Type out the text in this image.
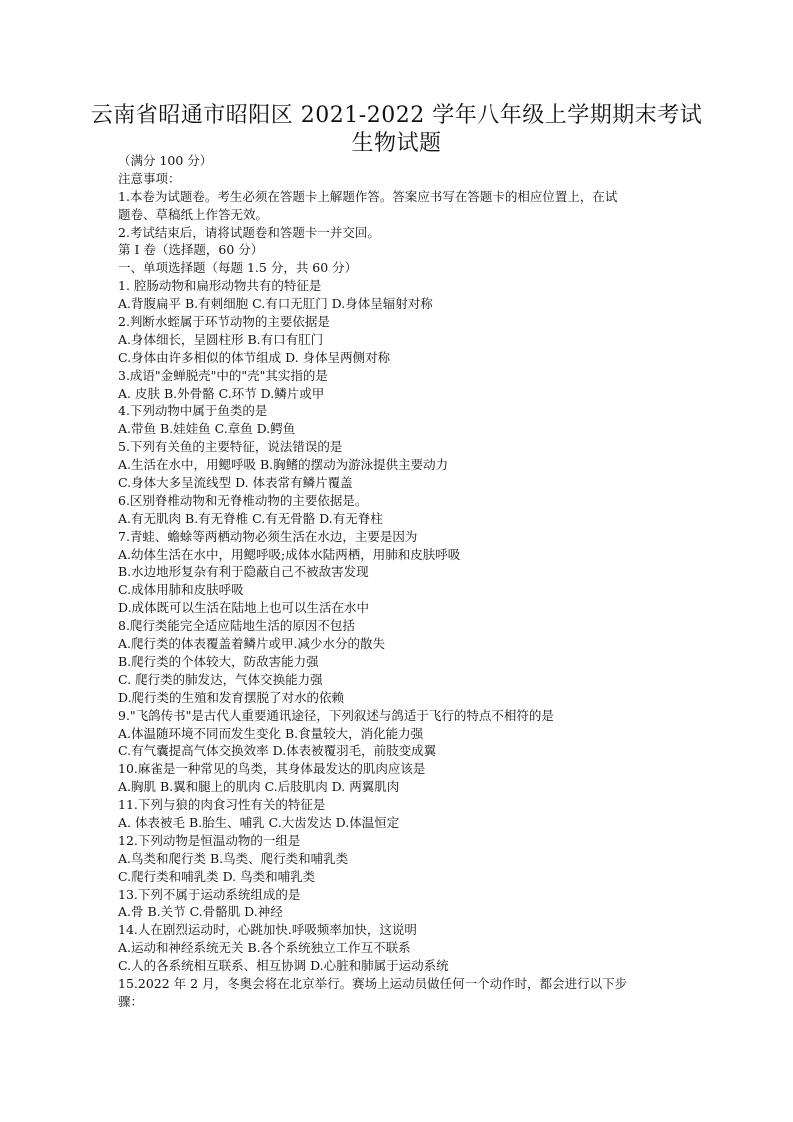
云南省昭通市昭阳区 2021-2022 学年八年级上学期期末考试
生物试题
（满分 100 分）
注意事项：
1.本卷为试题卷。考生必须在答题卡上解题作答。答案应书写在答题卡的相应位置上，在试
题卷、草稿纸上作答无效。
2.考试结束后，请将试题卷和答题卡一并交回。
第 I 卷（选择题，60 分）
一、单项选择题（每题 1.5 分，共 60 分）
1. 腔肠动物和扁形动物共有的特征是
A.背腹扁平 B.有刺细胞 C.有口无肛门 D.身体呈辐射对称
2.判断水蛭属于环节动物的主要依据是
A.身体细长，呈圆柱形 B.有口有肛门
C.身体由许多相似的体节组成 D. 身体呈两侧对称
3.成语"金蝉脱壳"中的"壳"其实指的是
A. 皮肤 B.外骨骼 C.环节 D.鳞片或甲
4.下列动物中属于鱼类的是
A.带鱼 B.娃娃鱼 C.章鱼 D.鳄鱼
5.下列有关鱼的主要特征，说法错误的是
A.生活在水中，用鳃呼吸 B.胸鳍的摆动为游泳提供主要动力
C.身体大多呈流线型 D. 体表常有鳞片覆盖
6.区别脊椎动物和无脊椎动物的主要依据是。
A.有无肌肉 B.有无脊椎 C.有无骨骼 D.有无脊柱
7.青蛙、蟾蜍等两栖动物必须生活在水边，主要是因为
A.幼体生活在水中，用鳃呼吸;成体水陆两栖，用肺和皮肤呼吸
B.水边地形复杂有利于隐蔽自己不被敌害发现
C.成体用肺和皮肤呼吸
D.成体既可以生活在陆地上也可以生活在水中
8.爬行类能完全适应陆地生活的原因不包括
A.爬行类的体表覆盖着鳞片或甲.减少水分的散失
B.爬行类的个体较大，防敌害能力强
C. 爬行类的肺发达，气体交换能力强
D.爬行类的生殖和发育摆脱了对水的依赖
9."飞鸽传书"是古代人重要通讯途径，下列叙述与鸽适于飞行的特点不相符的是
A.体温随环境不同而发生变化 B.食量较大，消化能力强
C.有气囊提高气体交换效率 D.体表被覆羽毛，前肢变成翼
10.麻雀是一种常见的鸟类，其身体最发达的肌肉应该是
A.胸肌 B.翼和腿上的肌肉 C.后肢肌肉 D. 两翼肌肉
11.下列与狼的肉食习性有关的特征是
A. 体表被毛 B.胎生、哺乳 C.大齿发达 D.体温恒定
12.下列动物是恒温动物的一组是
A.鸟类和爬行类 B.鸟类、爬行类和哺乳类
C.爬行类和哺乳类 D. 鸟类和哺乳类
13.下列不属于运动系统组成的是
A.骨 B.关节 C.骨骼肌 D.神经
14.人在剧烈运动时，心跳加快.呼吸频率加快，这说明
A.运动和神经系统无关 B.各个系统独立工作互不联系
C.人的各系统相互联系、相互协调 D.心脏和肺属于运动系统
15.2022 年 2 月，冬奥会将在北京举行。赛场上运动员做任何一个动作时，都会进行以下步
骤：
